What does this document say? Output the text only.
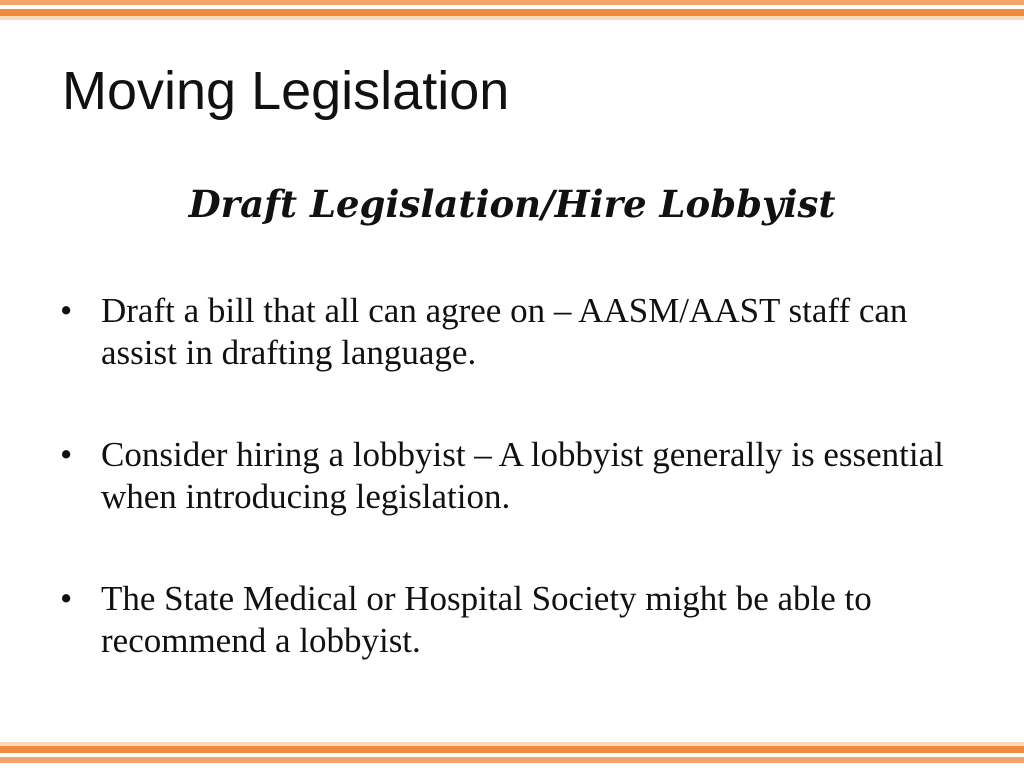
Moving Legislation
Draft Legislation/Hire Lobbyist
• Draft a bill that all can agree on – AASM/AAST staff can assist in drafting language.
• Consider hiring a lobbyist – A lobbyist generally is essential when introducing legislation.
• The State Medical or Hospital Society might be able to recommend a lobbyist.
